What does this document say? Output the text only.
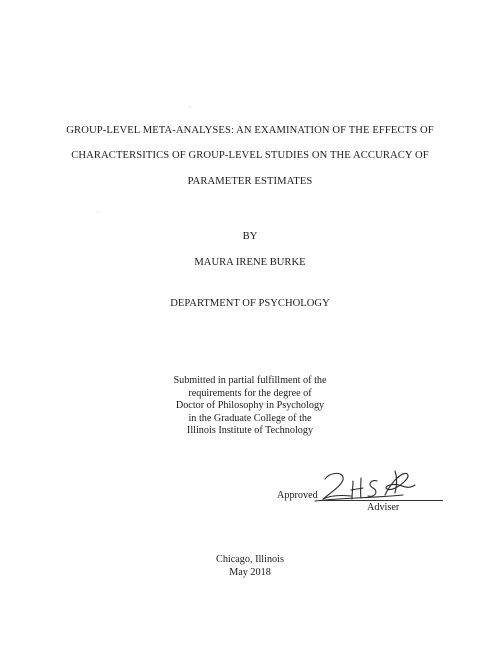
GROUP-LEVEL META-ANALYSES: AN EXAMINATION OF THE EFFECTS OF
CHARACTERSITICS OF GROUP-LEVEL STUDIES ON THE ACCURACY OF
PARAMETER ESTIMATES
BY
MAURA IRENE BURKE
DEPARTMENT OF PSYCHOLOGY
Submitted in partial fulfillment of the
requirements for the degree of
Doctor of Philosophy in Psychology
in the Graduate College of the
Illinois Institute of Technology
Approved
Adviser
Chicago, Illinois
May 2018
